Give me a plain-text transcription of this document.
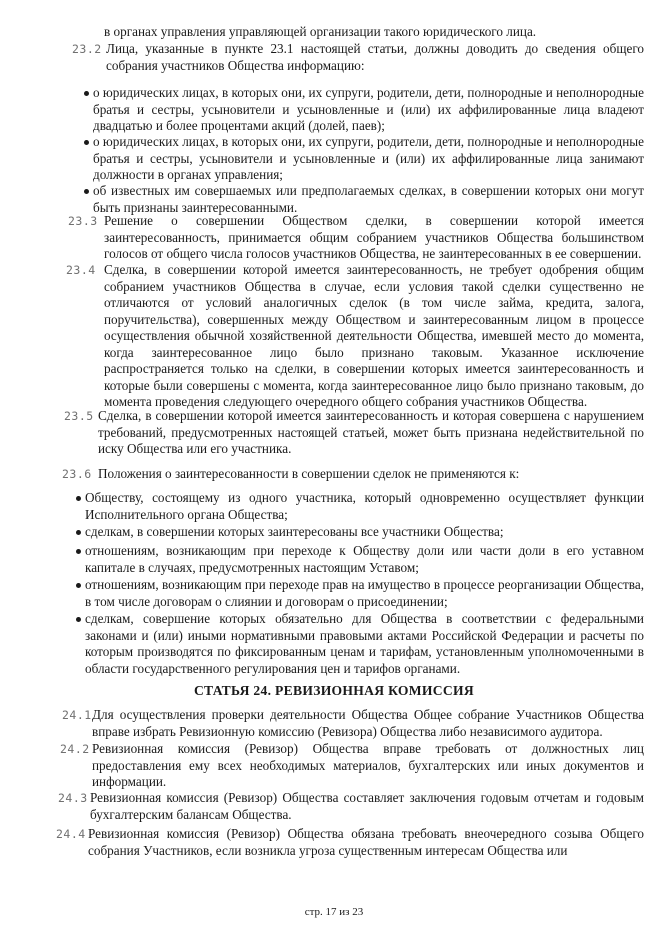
в органах управления управляющей организации такого юридического лица.

23.2 Лица, указанные в пункте 23.1 настоящей статьи, должны доводить до сведения общего собрания участников Общества информацию:

о юридических лицах, в которых они, их супруги, родители, дети, полнородные и неполнородные братья и сестры, усыновители и усыновленные и (или) их аффилированные лица владеют двадцатью и более процентами акций (долей, паев);

о юридических лицах, в которых они, их супруги, родители, дети, полнородные и неполнородные братья и сестры, усыновители и усыновленные и (или) их аффилированные лица занимают должности в органах управления;

об известных им совершаемых или предполагаемых сделках, в совершении которых они могут быть признаны заинтересованными.

23.3 Решение о совершении Обществом сделки, в совершении которой имеется заинтересованность, принимается общим собранием участников Общества большинством голосов от общего числа голосов участников Общества, не заинтересованных в ее совершении.

23.4 Сделка, в совершении которой имеется заинтересованность, не требует одобрения общим собранием участников Общества в случае, если условия такой сделки существенно не отличаются от условий аналогичных сделок (в том числе займа, кредита, залога, поручительства), совершенных между Обществом и заинтересованным лицом в процессе осуществления обычной хозяйственной деятельности Общества, имевшей место до момента, когда заинтересованное лицо было признано таковым. Указанное исключение распространяется только на сделки, в совершении которых имеется заинтересованность и которые были совершены с момента, когда заинтересованное лицо было признано таковым, до момента проведения следующего очередного общего собрания участников Общества.

23.5 Сделка, в совершении которой имеется заинтересованность и которая совершена с нарушением требований, предусмотренных настоящей статьей, может быть признана недействительной по иску Общества или его участника.

23.6 Положения о заинтересованности в совершении сделок не применяются к:

Обществу, состоящему из одного участника, который одновременно осуществляет функции Исполнительного органа Общества;

сделкам, в совершении которых заинтересованы все участники Общества;

отношениям, возникающим при переходе к Обществу доли или части доли в его уставном капитале в случаях, предусмотренных настоящим Уставом;

отношениям, возникающим при переходе прав на имущество в процессе реорганизации Общества, в том числе договорам о слиянии и договорам о присоединении;

сделкам, совершение которых обязательно для Общества в соответствии с федеральными законами и (или) иными нормативными правовыми актами Российской Федерации и расчеты по которым производятся по фиксированным ценам и тарифам, установленным уполномоченными в области государственного регулирования цен и тарифов органами.

СТАТЬЯ 24. РЕВИЗИОННАЯ КОМИССИЯ
24.1 Для осуществления проверки деятельности Общества Общее собрание Участников Общества вправе избрать Ревизионную комиссию (Ревизора) Общества либо независимого аудитора.

24.2 Ревизионная комиссия (Ревизор) Общества вправе требовать от должностных лиц предоставления ему всех необходимых материалов, бухгалтерских или иных документов и информации.

24.3 Ревизионная комиссия (Ревизор) Общества составляет заключения годовым отчетам и годовым бухгалтерским балансам Общества.

24.4 Ревизионная комиссия (Ревизор) Общества обязана требовать внеочередного созыва Общего собрания Участников, если возникла угроза существенным интересам Общества или

стр. 17 из 23
